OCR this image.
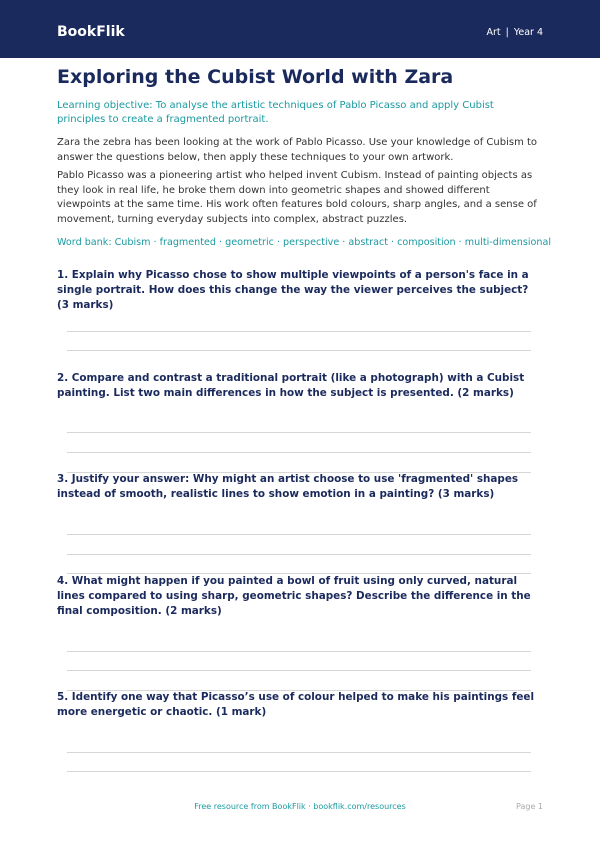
BookFlik	Art | Year 4
Exploring the Cubist World with Zara

Learning objective: To analyse the artistic techniques of Pablo Picasso and apply Cubist principles to create a fragmented portrait.

Zara the zebra has been looking at the work of Pablo Picasso. Use your knowledge of Cubism to answer the questions below, then apply these techniques to your own artwork.

Pablo Picasso was a pioneering artist who helped invent Cubism. Instead of painting objects as they look in real life, he broke them down into geometric shapes and showed different viewpoints at the same time. His work often features bold colours, sharp angles, and a sense of movement, turning everyday subjects into complex, abstract puzzles.

Word bank: Cubism · fragmented · geometric · perspective · abstract · composition · multi-dimensional

1. Explain why Picasso chose to show multiple viewpoints of a person's face in a single portrait. How does this change the way the viewer perceives the subject? (3 marks)

2. Compare and contrast a traditional portrait (like a photograph) with a Cubist painting. List two main differences in how the subject is presented. (2 marks)

3. Justify your answer: Why might an artist choose to use 'fragmented' shapes instead of smooth, realistic lines to show emotion in a painting? (3 marks)

4. What might happen if you painted a bowl of fruit using only curved, natural lines compared to using sharp, geometric shapes? Describe the difference in the final composition. (2 marks)

5. Identify one way that Picasso’s use of colour helped to make his paintings feel more energetic or chaotic. (1 mark)

Free resource from BookFlik · bookflik.com/resources	Page 1
